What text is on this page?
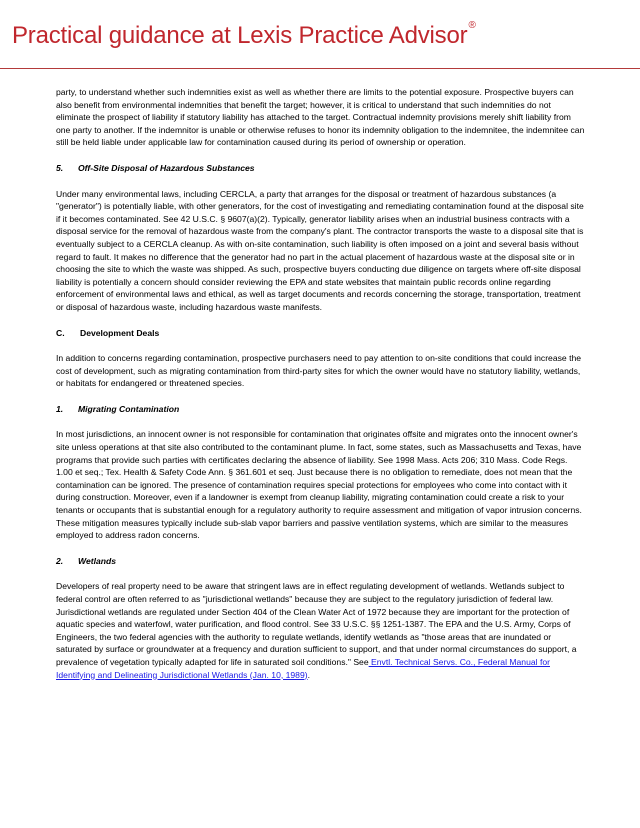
Practical guidance at Lexis Practice Advisor®

party, to understand whether such indemnities exist as well as whether there are limits to the potential exposure. Prospective buyers can also benefit from environmental indemnities that benefit the target; however, it is critical to understand that such indemnities do not eliminate the prospect of liability if statutory liability has attached to the target. Contractual indemnity provisions merely shift liability from one party to another. If the indemnitor is unable or otherwise refuses to honor its indemnity obligation to the indemnitee, the indemnitee can still be held liable under applicable law for contamination caused during its period of ownership or operation.

5. Off-Site Disposal of Hazardous Substances

Under many environmental laws, including CERCLA, a party that arranges for the disposal or treatment of hazardous substances (a "generator") is potentially liable, with other generators, for the cost of investigating and remediating contamination found at the disposal site if it becomes contaminated. See 42 U.S.C. § 9607(a)(2). Typically, generator liability arises when an industrial business contracts with a disposal service for the removal of hazardous waste from the company's plant. The contractor transports the waste to a disposal site that is eventually subject to a CERCLA cleanup. As with on-site contamination, such liability is often imposed on a joint and several basis without regard to fault. It makes no difference that the generator had no part in the actual placement of hazardous waste at the disposal site or in choosing the site to which the waste was shipped. As such, prospective buyers conducting due diligence on targets where off-site disposal liability is potentially a concern should consider reviewing the EPA and state websites that maintain public records online regarding enforcement of environmental laws and ethical, as well as target documents and records concerning the storage, transportation, treatment or disposal of hazardous waste, including hazardous waste manifests.

C. Development Deals

In addition to concerns regarding contamination, prospective purchasers need to pay attention to on-site conditions that could increase the cost of development, such as migrating contamination from third-party sites for which the owner would have no statutory liability, wetlands, or habitats for endangered or threatened species.

1. Migrating Contamination

In most jurisdictions, an innocent owner is not responsible for contamination that originates offsite and migrates onto the innocent owner's site unless operations at that site also contributed to the contaminant plume. In fact, some states, such as Massachusetts and Texas, have programs that provide such parties with certificates declaring the absence of liability. See 1998 Mass. Acts 206; 310 Mass. Code Regs. 1.00 et seq.; Tex. Health & Safety Code Ann. § 361.601 et seq. Just because there is no obligation to remediate, does not mean that the contamination can be ignored. The presence of contamination requires special protections for employees who come into contact with it during construction. Moreover, even if a landowner is exempt from cleanup liability, migrating contamination could create a risk to your tenants or occupants that is substantial enough for a regulatory authority to require assessment and mitigation of vapor intrusion concerns. These mitigation measures typically include sub-slab vapor barriers and passive ventilation systems, which are similar to the measures employed to address radon concerns.

2. Wetlands

Developers of real property need to be aware that stringent laws are in effect regulating development of wetlands. Wetlands subject to federal control are often referred to as "jurisdictional wetlands" because they are subject to the regulatory jurisdiction of federal law. Jurisdictional wetlands are regulated under Section 404 of the Clean Water Act of 1972 because they are important for the protection of aquatic species and waterfowl, water purification, and flood control. See 33 U.S.C. §§ 1251-1387. The EPA and the U.S. Army, Corps of Engineers, the two federal agencies with the authority to regulate wetlands, identify wetlands as "those areas that are inundated or saturated by surface or groundwater at a frequency and duration sufficient to support, and that under normal circumstances do support, a prevalence of vegetation typically adapted for life in saturated soil conditions." See Envtl. Technical Servs. Co., Federal Manual for Identifying and Delineating Jurisdictional Wetlands (Jan. 10, 1989).
